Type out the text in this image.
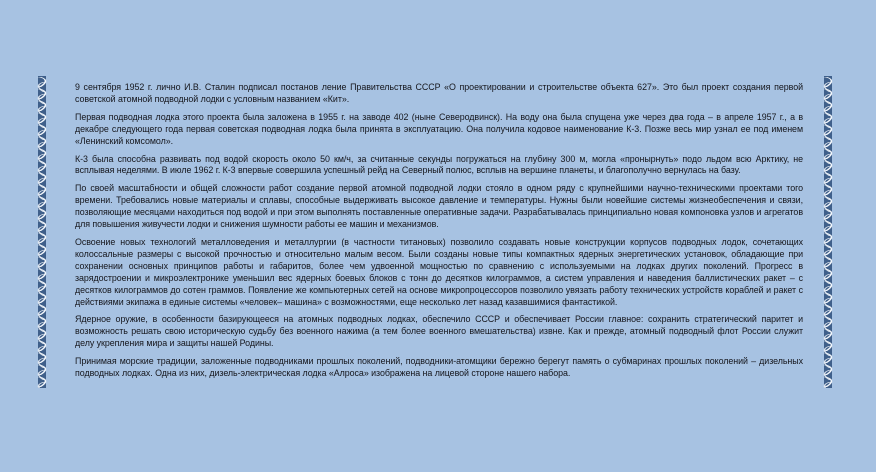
9 сентября 1952 г. лично И.В. Сталин подписал постанов ление Правительства СССР «О проектировании и строительстве объекта 627». Это был проект создания первой советской атомной подводной лодки с условным названием «Кит».

Первая подводная лодка этого проекта была заложена в 1955 г. на заводе 402 (ныне Северодвинск). На воду она была спущена уже через два года – в апреле 1957 г., а в декабре следующего года первая советская подводная лодка была принята в эксплуатацию. Она получила кодовое наименование К-3. Позже весь мир узнал ее под именем «Ленинский комсомол».

К-3 была способна развивать под водой скорость около 50 км/ч, за считанные секунды погружаться на глубину 300 м, могла «пронырнуть» подо льдом всю Арктику, не всплывая неделями. В июле 1962 г. К-3 впервые совершила успешный рейд на Северный полюс, всплыв на вершине планеты, и благополучно вернулась на базу.

По своей масштабности и общей сложности работ создание первой атомной подводной лодки стояло в одном ряду с крупнейшими научно-техническими проектами того времени. Требовались новые материалы и сплавы, способные выдерживать высокое давление и температуры. Нужны были новейшие системы жизнеобеспечения и связи, позволяющие месяцами находиться под водой и при этом выполнять поставленные оперативные задачи. Разрабатывалась принципиально новая компоновка узлов и агрегатов для повышения живучести лодки и снижения шумности работы ее машин и механизмов.

Освоение новых технологий металловедения и металлургии (в частности титановых) позволило создавать новые конструкции корпусов подводных лодок, сочетающих колоссальные размеры с высокой прочностью и относительно малым весом. Были созданы новые типы компактных ядерных энергетических установок, обладающие при сохранении основных принципов работы и габаритов, более чем удвоенной мощностью по сравнению с используемыми на лодках других поколений. Прогресс в зарядостроении и микроэлектронике уменьшил вес ядерных боевых блоков с тонн до десятков килограммов, а систем управления и наведения баллистических ракет – с десятков килограммов до сотен граммов. Появление же компьютерных сетей на основе микропроцессоров позволило увязать работу технических устройств кораблей и ракет с действиями экипажа в единые системы «человек– машина» с возможностями, еще несколько лет назад казавшимися фантастикой.

Ядерное оружие, в особенности базирующееся на атомных подводных лодках, обеспечило СССР и обеспечивает России главное: сохранить стратегический паритет и возможность решать свою историческую судьбу без военного нажима (а тем более военного вмешательства) извне. Как и прежде, атомный подводный флот России служит делу укрепления мира и защиты нашей Родины.

Принимая морские традиции, заложенные подводниками прошлых поколений, подводники-атомщики бережно берегут память о субмаринах прошлых поколений – дизельных подводных лодках. Одна из них, дизель-электрическая лодка «Алроса» изображена на лицевой стороне нашего набора.
